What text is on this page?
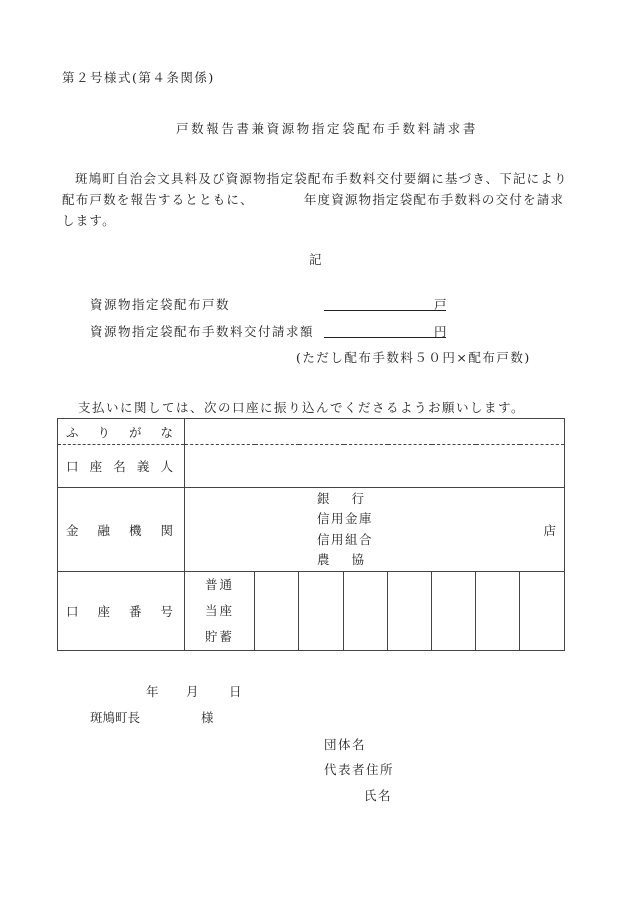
第２号様式(第４条関係)
戸数報告書兼資源物指定袋配布手数料請求書
斑鳩町自治会文具料及び資源物指定袋配布手数料交付要綱に基づき、下記により配布戸数を報告するとともに、	年度資源物指定袋配布手数料の交付を請求します。
記
資源物指定袋配布戸数	戸
資源物指定袋配布手数料交付請求額	円
(ただし配布手数料５０円×配布戸数)
支払いに関しては、次の口座に振り込んでくださるようお願いします。
ふ り が な								

口 座 名 義 人								

金 融 機 関	銀行
信用金庫
信用組合
農協
店							

口 座 番 号	普通
当座
貯蓄							

年 月 日
斑鳩町長	様
団体名
代表者住所
氏名
